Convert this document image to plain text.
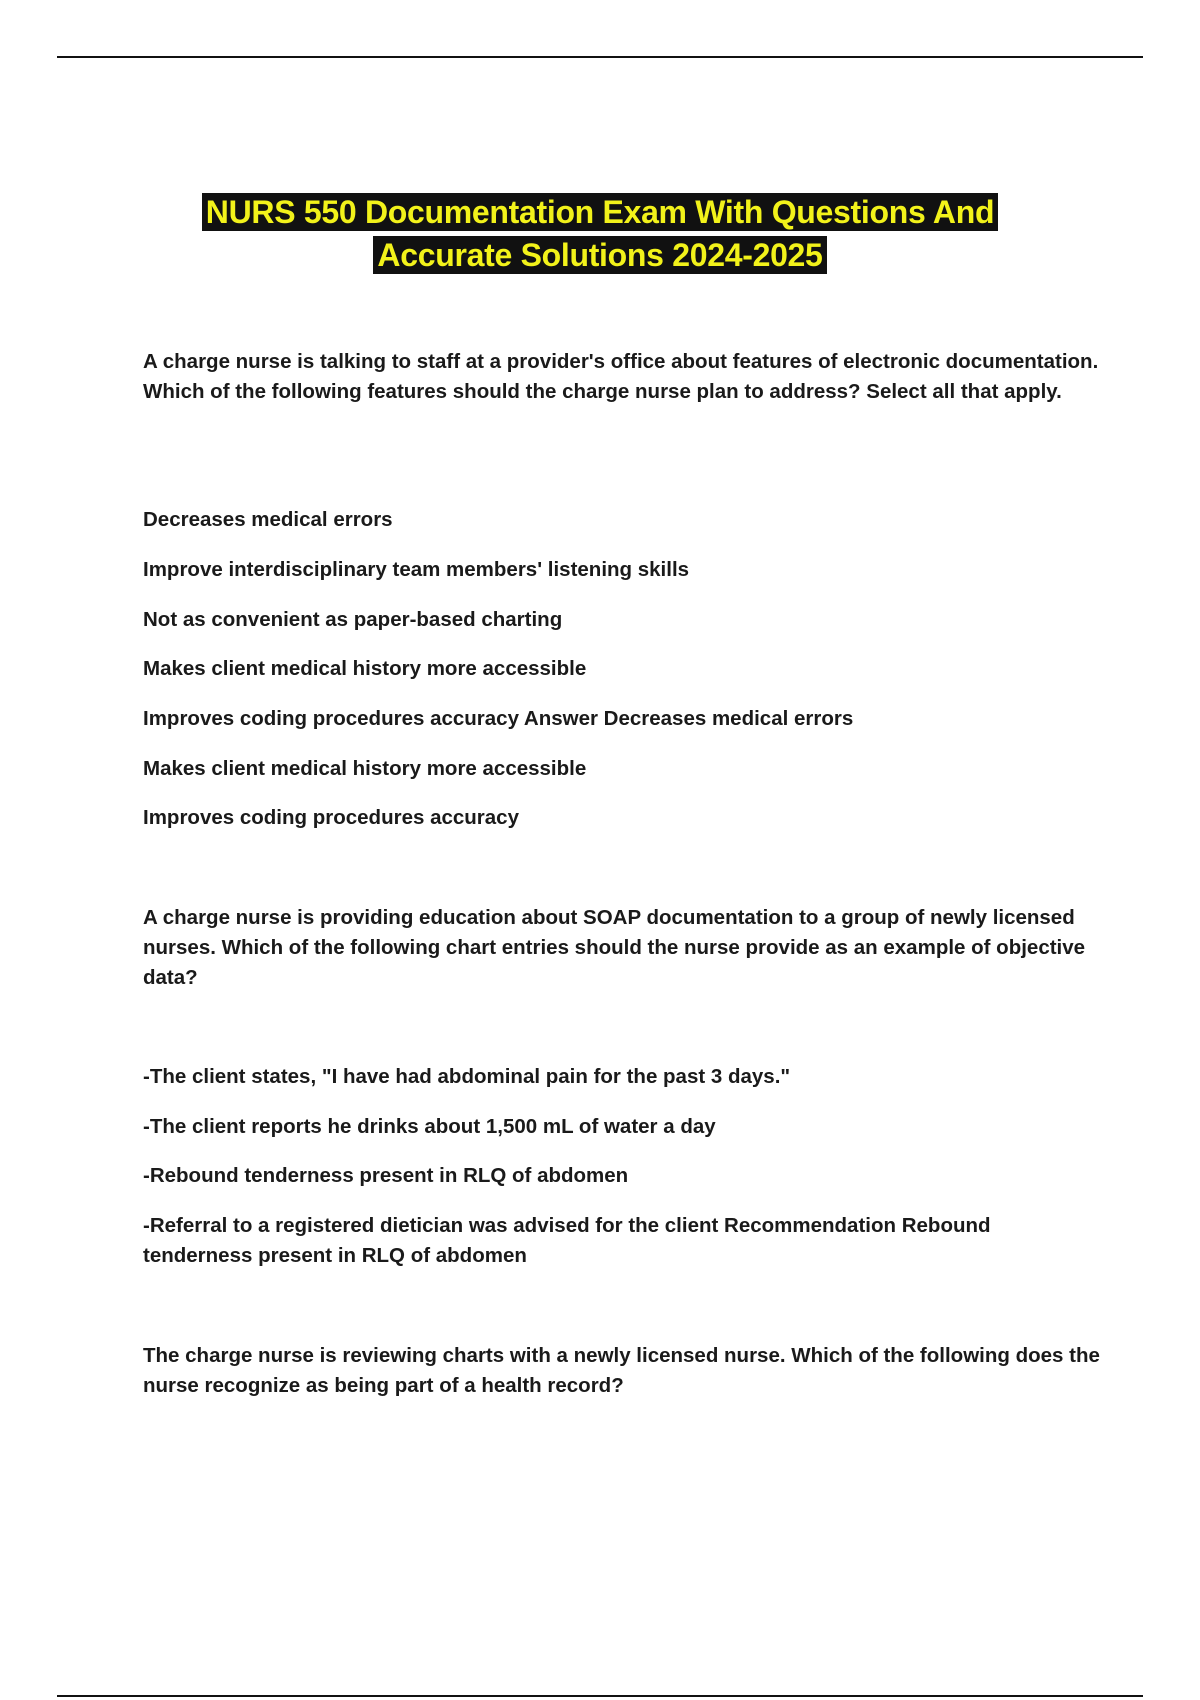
NURS 550 Documentation Exam With Questions And
Accurate Solutions 2024-2025

A charge nurse is talking to staff at a provider's office about features of electronic documentation. Which of the following features should the charge nurse plan to address? Select all that apply.

Decreases medical errors

Improve interdisciplinary team members' listening skills

Not as convenient as paper-based charting

Makes client medical history more accessible

Improves coding procedures accuracy Answer Decreases medical errors

Makes client medical history more accessible

Improves coding procedures accuracy

A charge nurse is providing education about SOAP documentation to a group of newly licensed nurses. Which of the following chart entries should the nurse provide as an example of objective data?

-The client states, "I have had abdominal pain for the past 3 days."

-The client reports he drinks about 1,500 mL of water a day

-Rebound tenderness present in RLQ of abdomen

-Referral to a registered dietician was advised for the client Recommendation Rebound tenderness present in RLQ of abdomen

The charge nurse is reviewing charts with a newly licensed nurse. Which of the following does the nurse recognize as being part of a health record?
